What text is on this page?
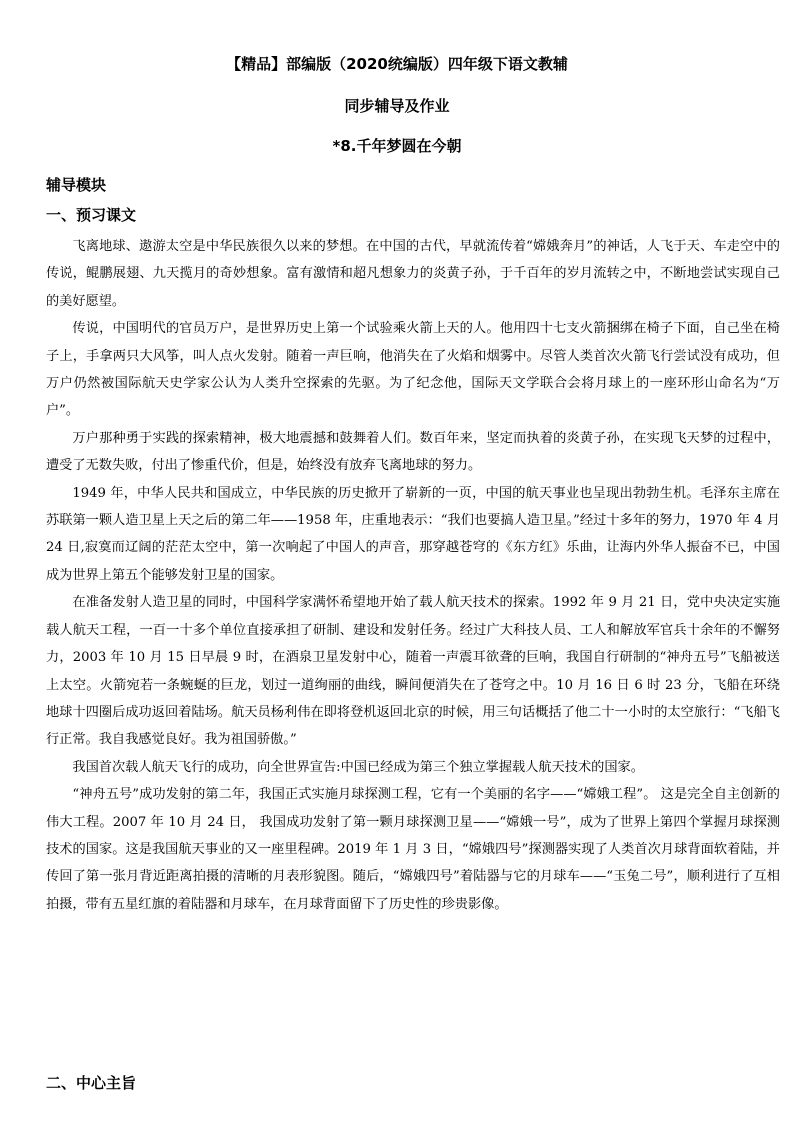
【精品】部编版（2020统编版）四年级下语文教辅
同步辅导及作业
*8.千年梦圆在今朝
辅导模块
一、预习课文

飞离地球、遨游太空是中华民族很久以来的梦想。在中国的古代，早就流传着“嫦娥奔月”的神话，人飞于天、车走空中的传说，鲲鹏展翅、九天揽月的奇妙想象。富有激情和超凡想象力的炎黄子孙，于千百年的岁月流转之中，不断地尝试实现自己的美好愿望。

传说，中国明代的官员万户，是世界历史上第一个试验乘火箭上天的人。他用四十七支火箭捆绑在椅子下面，自己坐在椅子上，手拿两只大风筝，叫人点火发射。随着一声巨响，他消失在了火焰和烟雾中。尽管人类首次火箭飞行尝试没有成功，但万户仍然被国际航天史学家公认为人类升空探索的先驱。为了纪念他，国际天文学联合会将月球上的一座环形山命名为“万户”。

万户那种勇于实践的探索精神，极大地震撼和鼓舞着人们。数百年来，坚定而执着的炎黄子孙，在实现飞天梦的过程中，遭受了无数失败，付出了惨重代价，但是，始终没有放弃飞离地球的努力。

1949 年，中华人民共和国成立，中华民族的历史掀开了崭新的一页，中国的航天事业也呈现出勃勃生机。毛泽东主席在苏联第一颗人造卫星上天之后的第二年——1958 年，庄重地表示：“我们也要搞人造卫星。”经过十多年的努力，1970 年 4 月 24 日,寂寞而辽阔的茫茫太空中，第一次响起了中国人的声音，那穿越苍穹的《东方红》乐曲，让海内外华人振奋不已，中国成为世界上第五个能够发射卫星的国家。

在准备发射人造卫星的同时，中国科学家满怀希望地开始了载人航天技术的探索。1992 年 9 月 21 日，党中央决定实施载人航天工程，一百一十多个单位直接承担了研制、建设和发射任务。经过广大科技人员、工人和解放军官兵十余年的不懈努力，2003 年 10 月 15 日早晨 9 时，在酒泉卫星发射中心，随着一声震耳欲聋的巨响，我国自行研制的“神舟五号”飞船被送上太空。火箭宛若一条蜿蜒的巨龙，划过一道绚丽的曲线，瞬间便消失在了苍穹之中。10 月 16 日 6 时 23 分，飞船在环绕地球十四圈后成功返回着陆场。航天员杨利伟在即将登机返回北京的时候，用三句话概括了他二十一小时的太空旅行：“飞船飞行正常。我自我感觉良好。我为祖国骄傲。”

我国首次载人航天飞行的成功，向全世界宣告:中国已经成为第三个独立掌握载人航天技术的国家。

“神舟五号”成功发射的第二年，我国正式实施月球探测工程，它有一个美丽的名字——“嫦娥工程”。 这是完全自主创新的伟大工程。2007 年 10 月 24 日， 我国成功发射了第一颗月球探测卫星——“嫦娥一号”，成为了世界上第四个掌握月球探测技术的国家。这是我国航天事业的又一座里程碑。2019 年 1 月 3 日，“嫦娥四号”探测器实现了人类首次月球背面软着陆，并传回了第一张月背近距离拍摄的清晰的月表形貌图。随后，“嫦娥四号”着陆器与它的月球车——“玉兔二号”，顺利进行了互相拍摄，带有五星红旗的着陆器和月球车，在月球背面留下了历史性的珍贵影像。

二、中心主旨
